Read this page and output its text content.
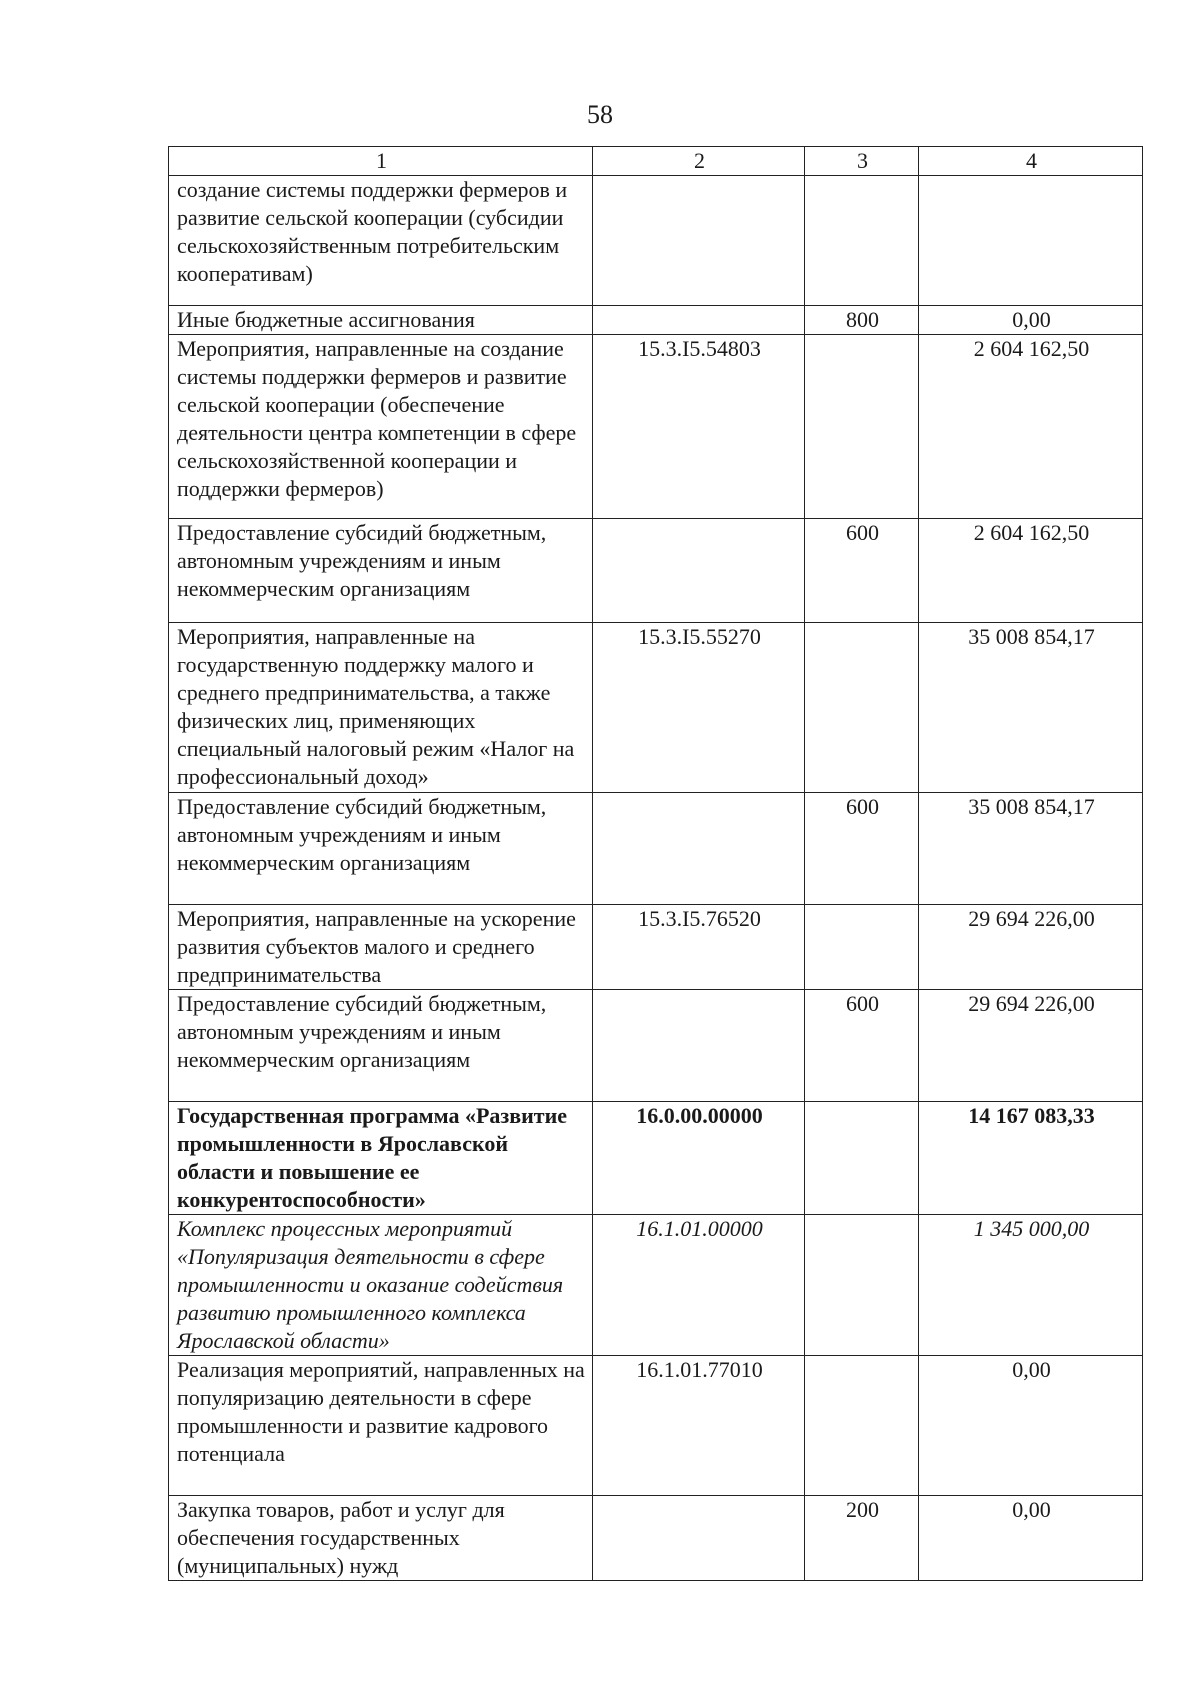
58
1	2	3	4
создание системы поддержки фермеров и развитие сельской кооперации (субсидии сельскохозяйственным потребительским кооперативам)			
Иные бюджетные ассигнования		800	0,00
Мероприятия, направленные на создание системы поддержки фермеров и развитие сельской кооперации (обеспечение деятельности центра компетенции в сфере сельскохозяйственной кооперации и поддержки фермеров)	15.3.I5.54803		2 604 162,50
Предоставление субсидий бюджетным, автономным учреждениям и иным некоммерческим организациям		600	2 604 162,50
Мероприятия, направленные на государственную поддержку малого и среднего предпринимательства, а также физических лиц, применяющих специальный налоговый режим «Налог на профессиональный доход»	15.3.I5.55270		35 008 854,17
Предоставление субсидий бюджетным, автономным учреждениям и иным некоммерческим организациям		600	35 008 854,17
Мероприятия, направленные на ускорение развития субъектов малого и среднего предпринимательства	15.3.I5.76520		29 694 226,00
Предоставление субсидий бюджетным, автономным учреждениям и иным некоммерческим организациям		600	29 694 226,00
Государственная программа «Развитие промышленности в Ярославской области и повышение ее конкурентоспособности»	16.0.00.00000		14 167 083,33
Комплекс процессных мероприятий «Популяризация деятельности в сфере промышленности и оказание содействия развитию промышленного комплекса Ярославской области»	16.1.01.00000		1 345 000,00
Реализация мероприятий, направленных на популяризацию деятельности в сфере промышленности и развитие кадрового потенциала	16.1.01.77010		0,00
Закупка товаров, работ и услуг для обеспечения государственных (муниципальных) нужд		200	0,00
